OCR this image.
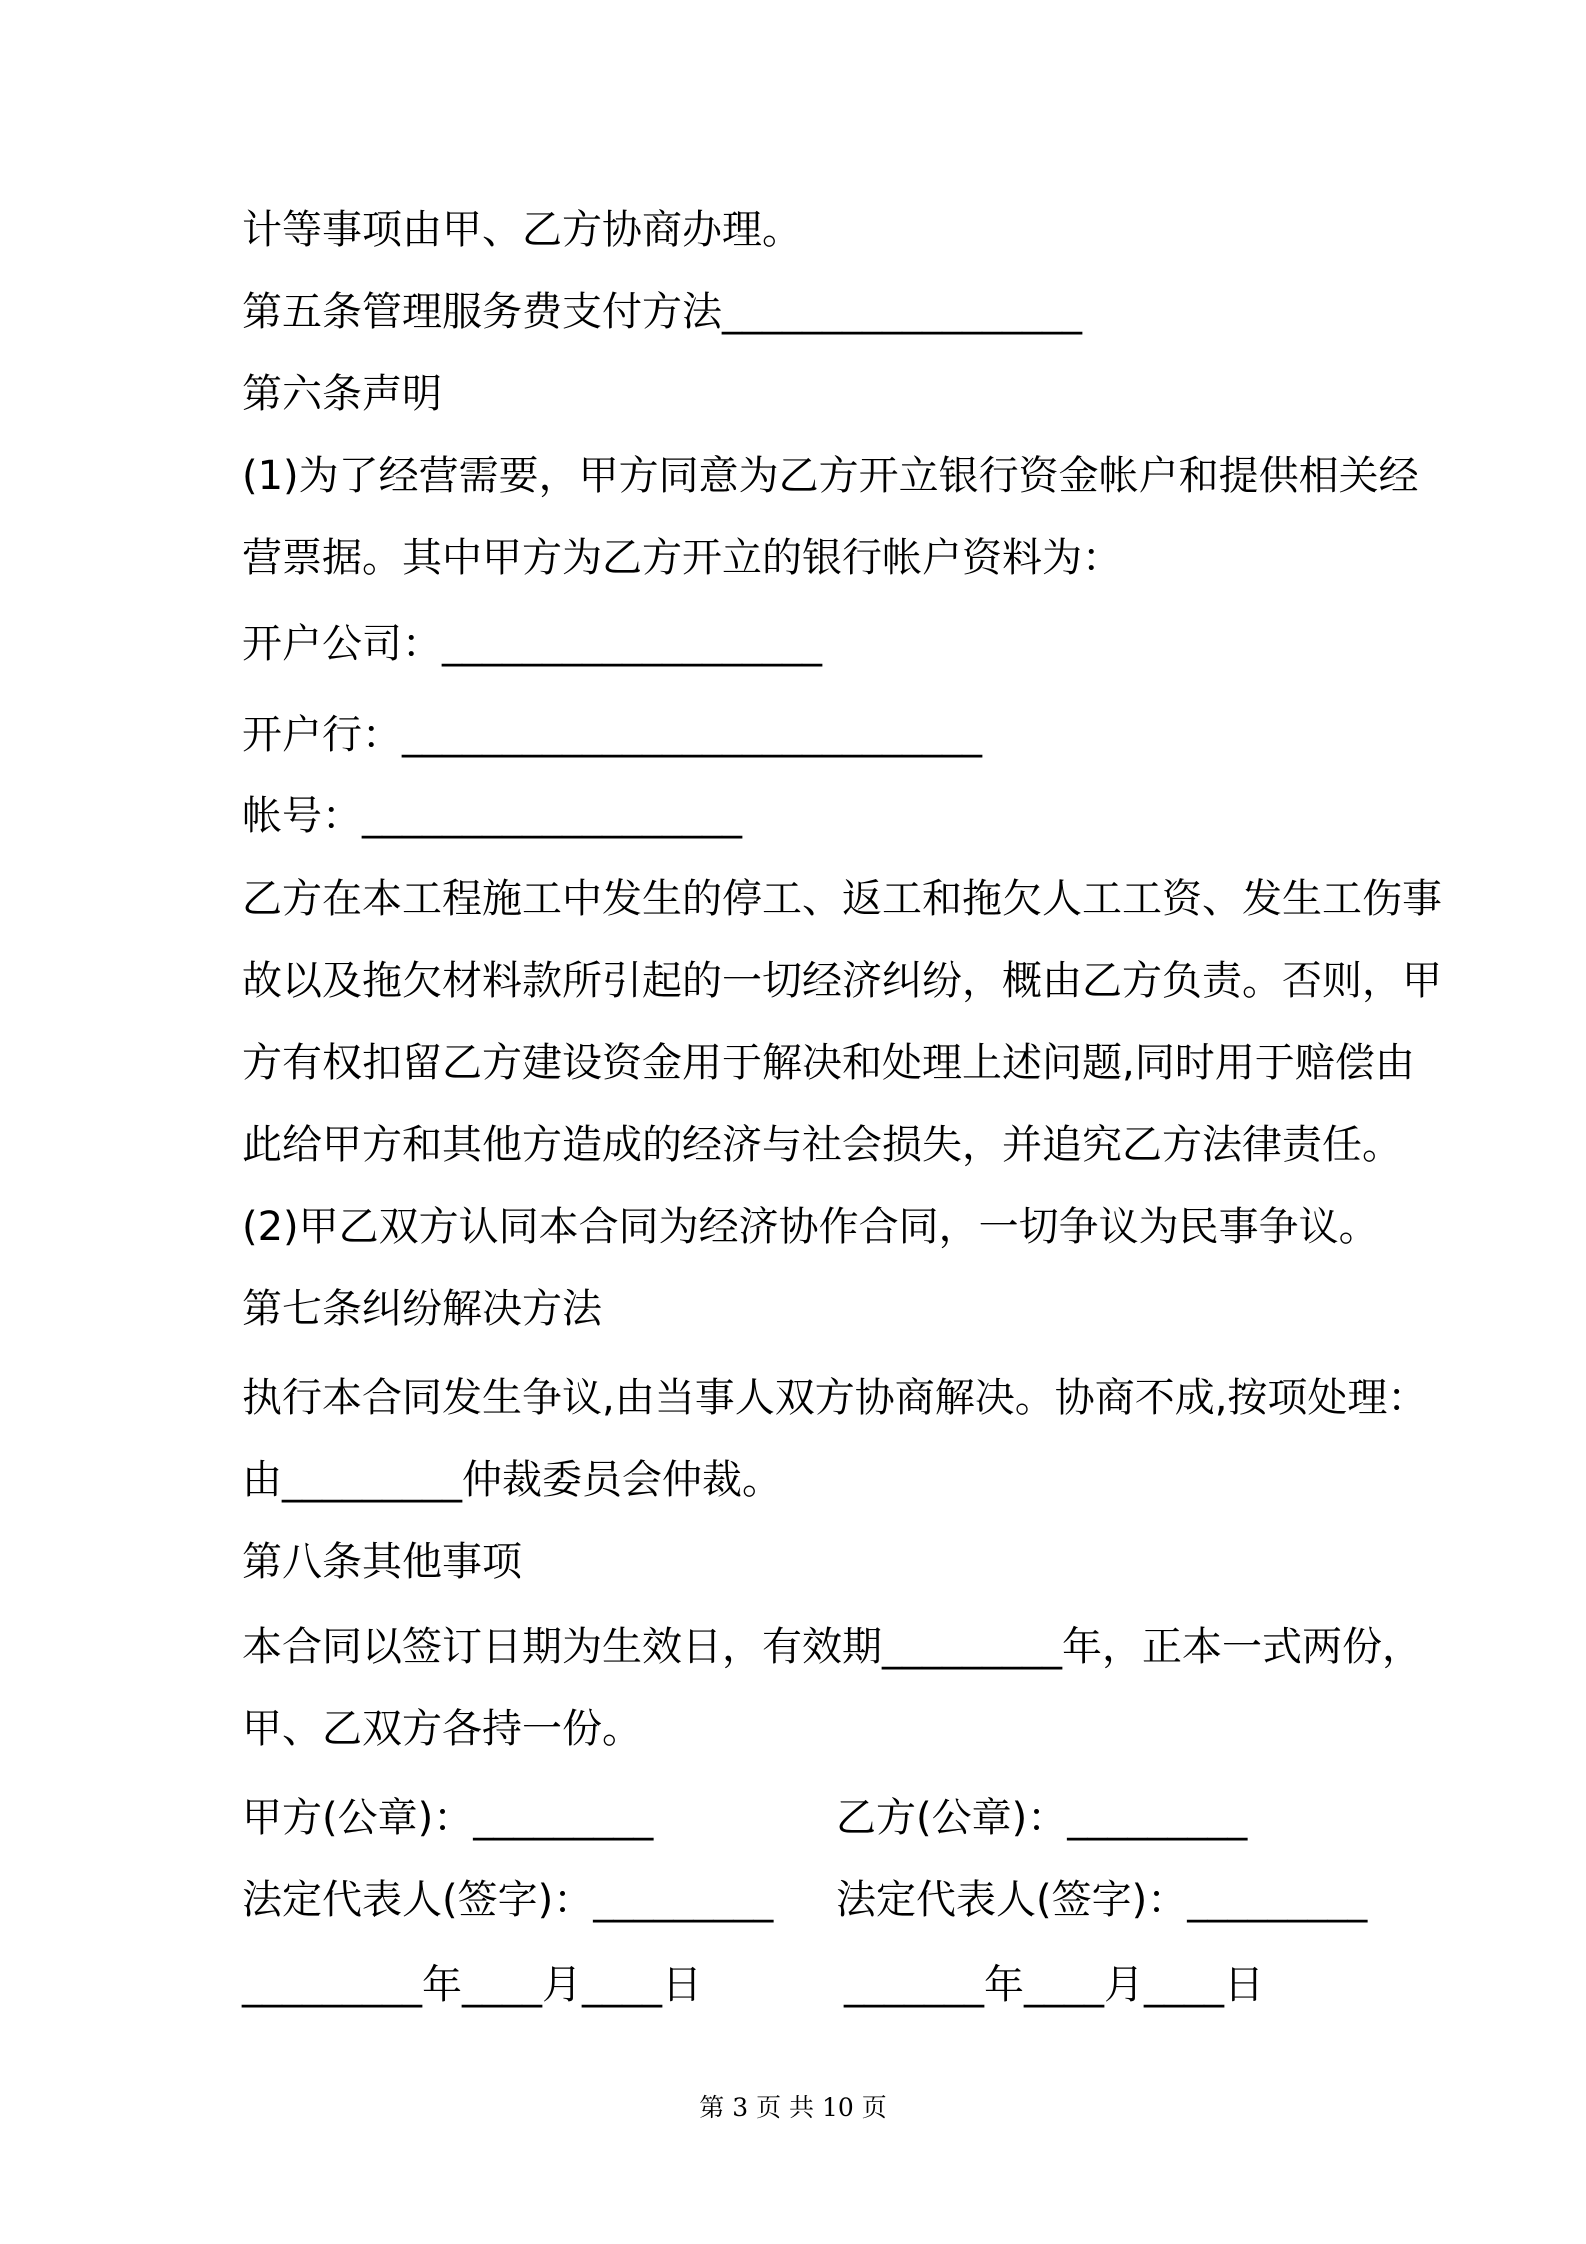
计等事项由甲、乙方协商办理。
第五条管理服务费支付方法__________________
第六条声明
(1)为了经营需要，甲方同意为乙方开立银行资金帐户和提供相关经
营票据。其中甲方为乙方开立的银行帐户资料为：
开户公司：___________________
开户行：_____________________________
帐号：___________________
乙方在本工程施工中发生的停工、返工和拖欠人工工资、发生工伤事
故以及拖欠材料款所引起的一切经济纠纷，概由乙方负责。否则，甲
方有权扣留乙方建设资金用于解决和处理上述问题,同时用于赔偿由
此给甲方和其他方造成的经济与社会损失，并追究乙方法律责任。
(2)甲乙双方认同本合同为经济协作合同，一切争议为民事争议。
第七条纠纷解决方法
执行本合同发生争议,由当事人双方协商解决。协商不成,按项处理：
由_________仲裁委员会仲裁。
第八条其他事项
本合同以签订日期为生效日，有效期_________年，正本一式两份，
甲、乙双方各持一份。
甲方(公章)：_________	乙方(公章)：_________
法定代表人(签字)：_________ 法定代表人(签字)：_________
_________年____月____日	_______年____月____日
第 3 页 共 10 页
